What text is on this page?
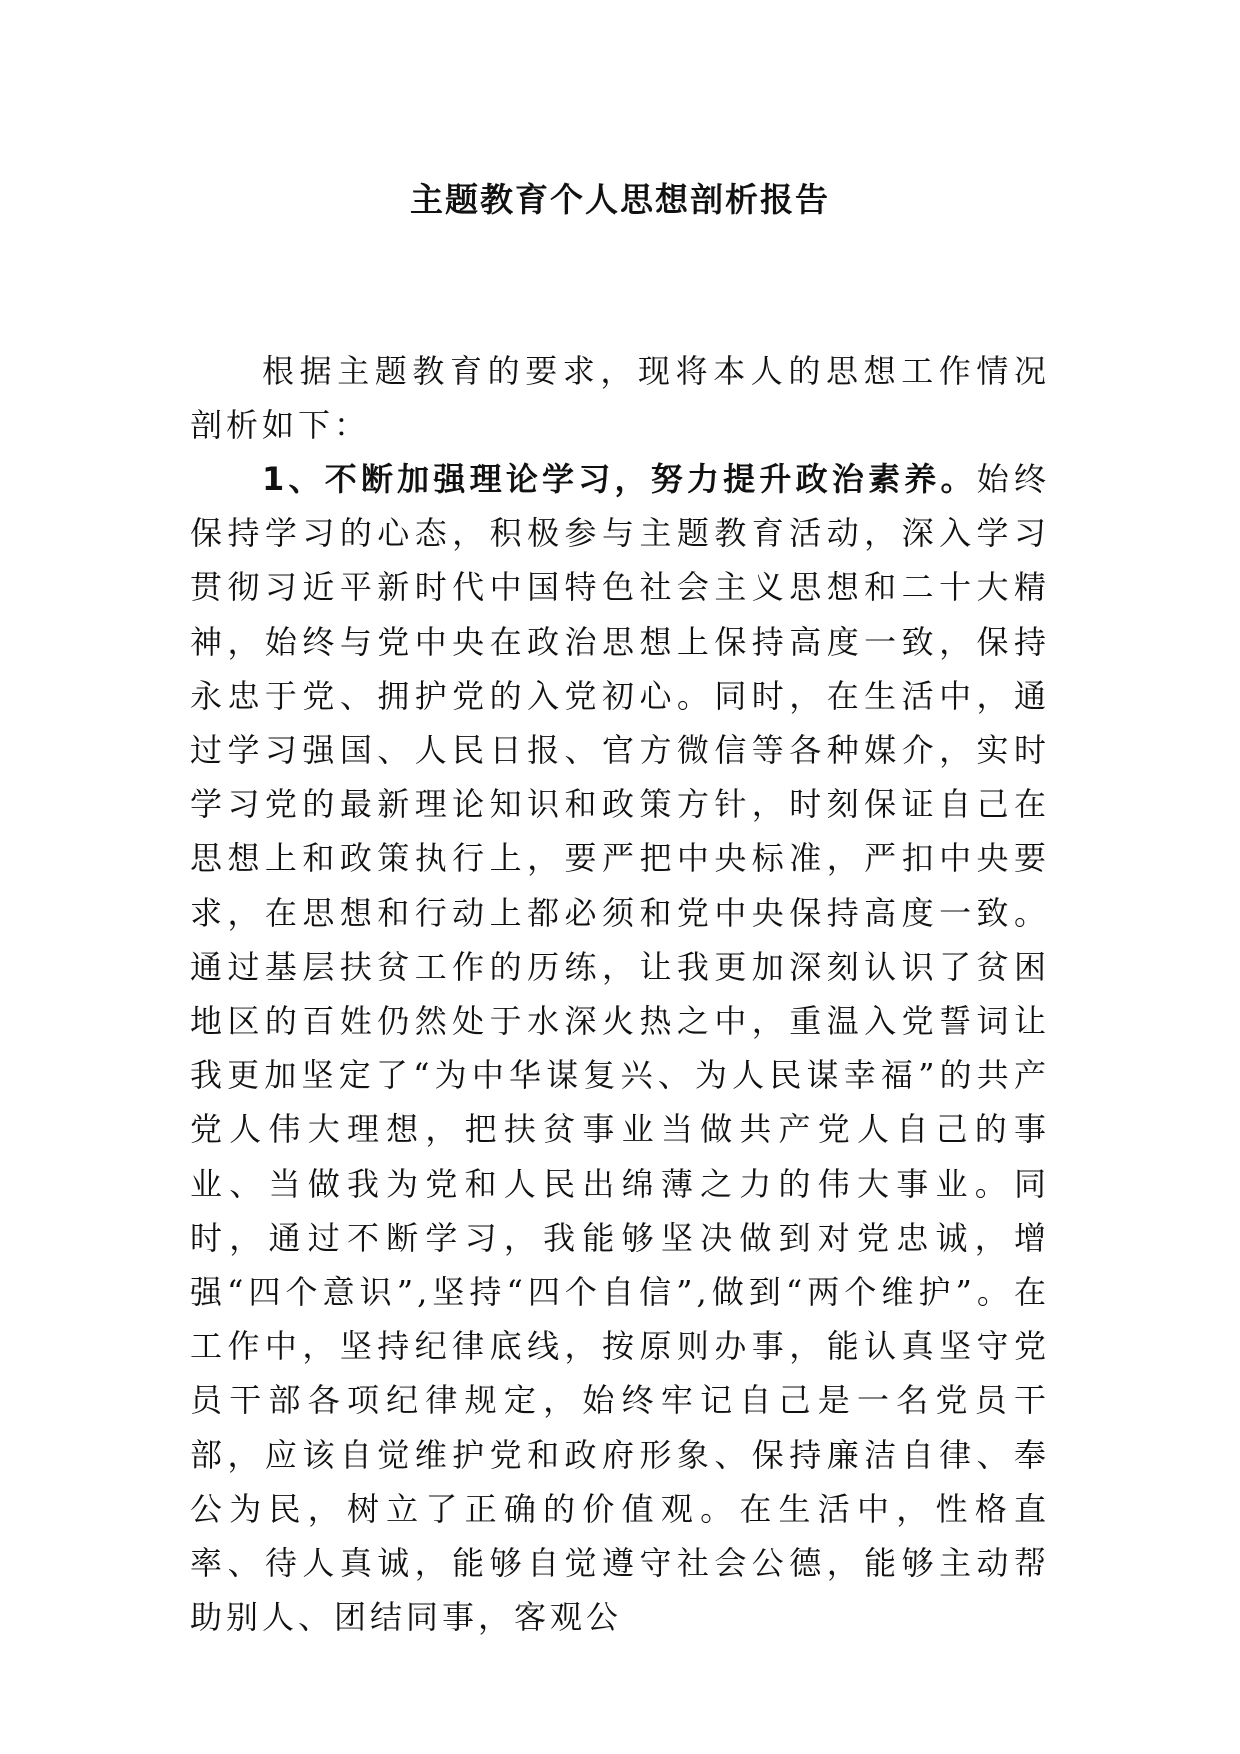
主题教育个人思想剖析报告

根据主题教育的要求，现将本人的思想工作情况剖析如下：

1、不断加强理论学习，努力提升政治素养。始终保持学习的心态，积极参与主题教育活动，深入学习贯彻习近平新时代中国特色社会主义思想和二十大精神，始终与党中央在政治思想上保持高度一致，保持永忠于党、拥护党的入党初心。同时，在生活中，通过学习强国、人民日报、官方微信等各种媒介，实时学习党的最新理论知识和政策方针，时刻保证自己在思想上和政策执行上，要严把中央标准，严扣中央要求，在思想和行动上都必须和党中央保持高度一致。通过基层扶贫工作的历练，让我更加深刻认识了贫困地区的百姓仍然处于水深火热之中，重温入党誓词让我更加坚定了“为中华谋复兴、为人民谋幸福”的共产党人伟大理想，把扶贫事业当做共产党人自己的事业、当做我为党和人民出绵薄之力的伟大事业。同时，通过不断学习，我能够坚决做到对党忠诚，增强“四个意识”,坚持“四个自信”,做到“两个维护”。在工作中，坚持纪律底线，按原则办事，能认真坚守党员干部各项纪律规定，始终牢记自己是一名党员干部，应该自觉维护党和政府形象、保持廉洁自律、奉公为民，树立了正确的价值观。在生活中，性格直率、待人真诚，能够自觉遵守社会公德，能够主动帮助别人、团结同事，客观公
